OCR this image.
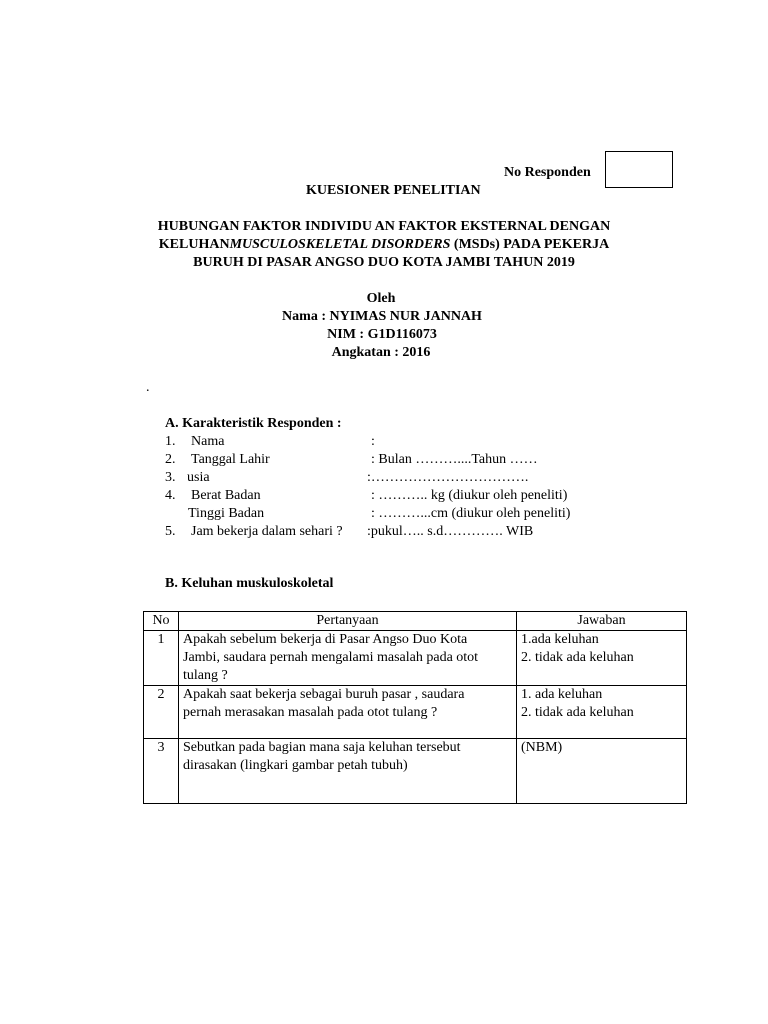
No Responden
KUESIONER PENELITIAN
HUBUNGAN FAKTOR INDIVIDU AN FAKTOR EKSTERNAL DENGAN
KELUHANMUSCULOSKELETAL DISORDERS (MSDs) PADA PEKERJA
BURUH DI PASAR ANGSO DUO KOTA JAMBI TAHUN 2019
Oleh
Nama : NYIMAS NUR JANNAH
NIM : G1D116073
Angkatan : 2016
.
A. Karakteristik Responden :
1. Nama	:
2. Tanggal Lahir	: Bulan ………....Tahun ……
3. usia	:…………………………….
4. Berat Badan	: ……….. kg (diukur oleh peneliti)
Tinggi Badan	: ………...cm (diukur oleh peneliti)
5. Jam bekerja dalam sehari ? :pukul….. s.d…………. WIB
B. Keluhan muskuloskoletal
No	Pertanyaan	Jawaban
1	Apakah sebelum bekerja di Pasar Angso Duo Kota
Jambi, saudara pernah mengalami masalah pada otot
tulang ?	1.ada keluhan
2. tidak ada keluhan

2	Apakah saat bekerja sebagai buruh pasar , saudara
pernah merasakan masalah pada otot tulang ?	1. ada keluhan
2. tidak ada keluhan

3	Sebutkan pada bagian mana saja keluhan tersebut
dirasakan (lingkari gambar petah tubuh)	(NBM)
